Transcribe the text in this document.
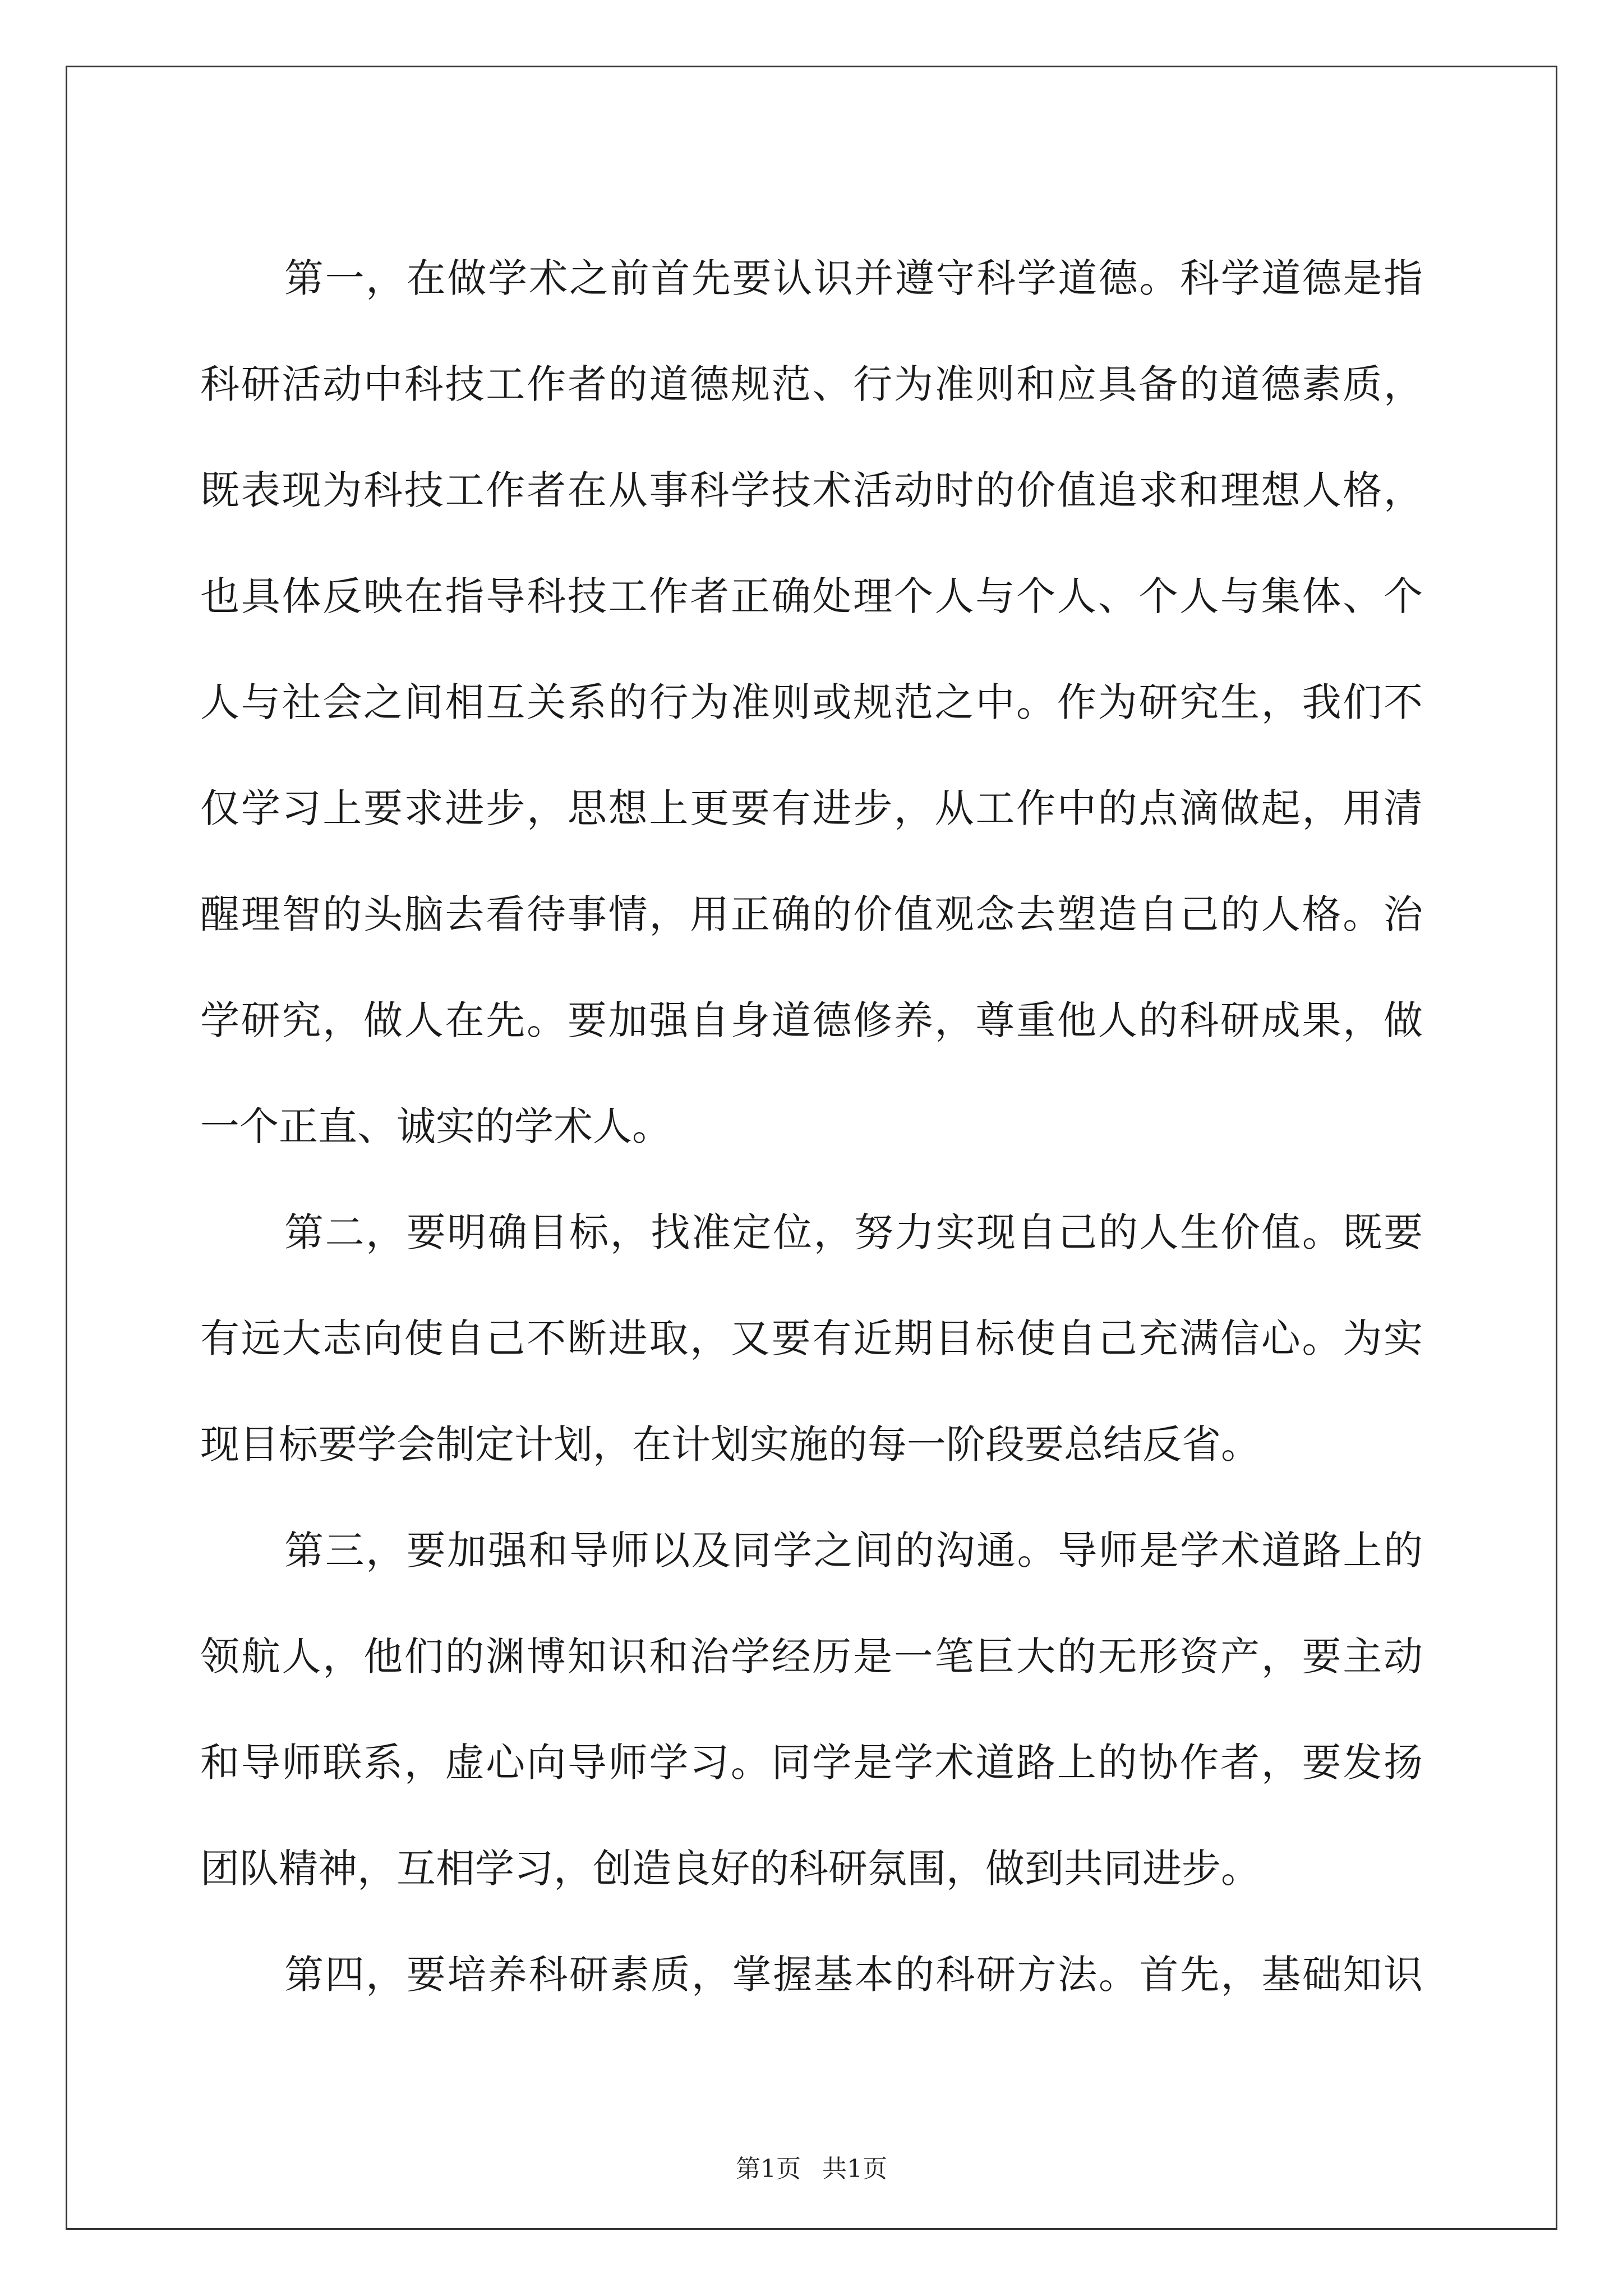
第一，在做学术之前首先要认识并遵守科学道德。科学道德是指
科研活动中科技工作者的道德规范、行为准则和应具备的道德素质，
既表现为科技工作者在从事科学技术活动时的价值追求和理想人格，
也具体反映在指导科技工作者正确处理个人与个人、个人与集体、个
人与社会之间相互关系的行为准则或规范之中。作为研究生，我们不
仅学习上要求进步，思想上更要有进步，从工作中的点滴做起，用清
醒理智的头脑去看待事情，用正确的价值观念去塑造自己的人格。治
学研究，做人在先。要加强自身道德修养，尊重他人的科研成果，做
一个正直、诚实的学术人。
第二，要明确目标，找准定位，努力实现自己的人生价值。既要
有远大志向使自己不断进取，又要有近期目标使自己充满信心。为实
现目标要学会制定计划，在计划实施的每一阶段要总结反省。
第三，要加强和导师以及同学之间的沟通。导师是学术道路上的
领航人，他们的渊博知识和治学经历是一笔巨大的无形资产，要主动
和导师联系，虚心向导师学习。同学是学术道路上的协作者，要发扬
团队精神，互相学习，创造良好的科研氛围，做到共同进步。
第四，要培养科研素质，掌握基本的科研方法。首先，基础知识
第1页 共1页
